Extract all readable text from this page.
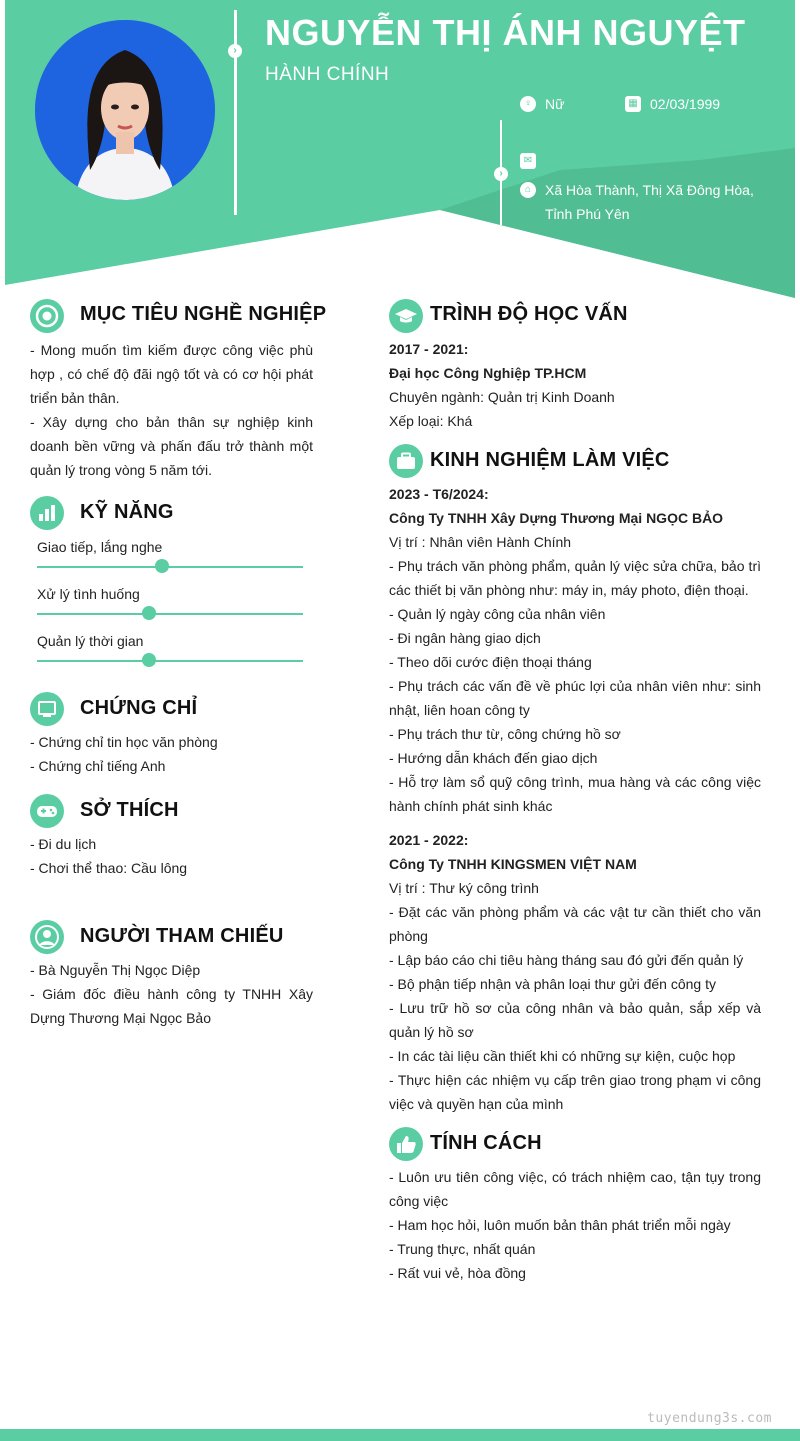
›
›
NGUYỄN THỊ ÁNH NGUYỆT
HÀNH CHÍNH
♀ Nữ	▦ 02/03/1999
✉
⌂ Xã Hòa Thành, Thị Xã Đông Hòa,
Tỉnh Phú Yên
MỤC TIÊU NGHỀ NGHIỆP

- Mong muốn tìm kiếm được công việc phù hợp , có chế độ đãi ngộ tốt và có cơ hội phát triển bản thân.

- Xây dựng cho bản thân sự nghiệp kinh doanh bền vững và phấn đấu trở thành một quản lý trong vòng 5 năm tới.

KỸ NĂNG
Giao tiếp, lắng nghe
Xử lý tình huống
Quản lý thời gian
CHỨNG CHỈ
- Chứng chỉ tin học văn phòng
- Chứng chỉ tiếng Anh
SỞ THÍCH
- Đi du lịch
- Chơi thể thao: Cầu lông
NGƯỜI THAM CHIẾU
- Bà Nguyễn Thị Ngọc Diệp
- Giám đốc điều hành công ty TNHH Xây Dựng Thương Mại Ngọc Bảo
TRÌNH ĐỘ HỌC VẤN
2017 - 2021:
Đại học Công Nghiệp TP.HCM
Chuyên ngành: Quản trị Kinh Doanh
Xếp loại: Khá
KINH NGHIỆM LÀM VIỆC
2023 - T6/2024:
Công Ty TNHH Xây Dựng Thương Mại NGỌC BẢO
Vị trí : Nhân viên Hành Chính
- Phụ trách văn phòng phẩm, quản lý việc sửa chữa, bảo trì các thiết bị văn phòng như: máy in, máy photo, điện thoại.
- Quản lý ngày công của nhân viên
- Đi ngân hàng giao dịch
- Theo dõi cước điện thoại tháng
- Phụ trách các vấn đề về phúc lợi của nhân viên như: sinh nhật, liên hoan công ty
- Phụ trách thư từ, công chứng hồ sơ
- Hướng dẫn khách đến giao dịch
- Hỗ trợ làm sổ quỹ công trình, mua hàng và các công việc hành chính phát sinh khác
2021 - 2022:
Công Ty TNHH KINGSMEN VIỆT NAM
Vị trí : Thư ký công trình
- Đặt các văn phòng phẩm và các vật tư cần thiết cho văn phòng
- Lập báo cáo chi tiêu hàng tháng sau đó gửi đến quản lý
- Bộ phận tiếp nhận và phân loại thư gửi đến công ty
- Lưu trữ hồ sơ của công nhân và bảo quản, sắp xếp và quản lý hồ sơ
- In các tài liệu cần thiết khi có những sự kiện, cuộc họp
- Thực hiện các nhiệm vụ cấp trên giao trong phạm vi công việc và quyền hạn của mình
TÍNH CÁCH
- Luôn ưu tiên công việc, có trách nhiệm cao, tận tụy trong công việc
- Ham học hỏi, luôn muốn bản thân phát triển mỗi ngày
- Trung thực, nhất quán
- Rất vui vẻ, hòa đồng
tuyendung3s.com
